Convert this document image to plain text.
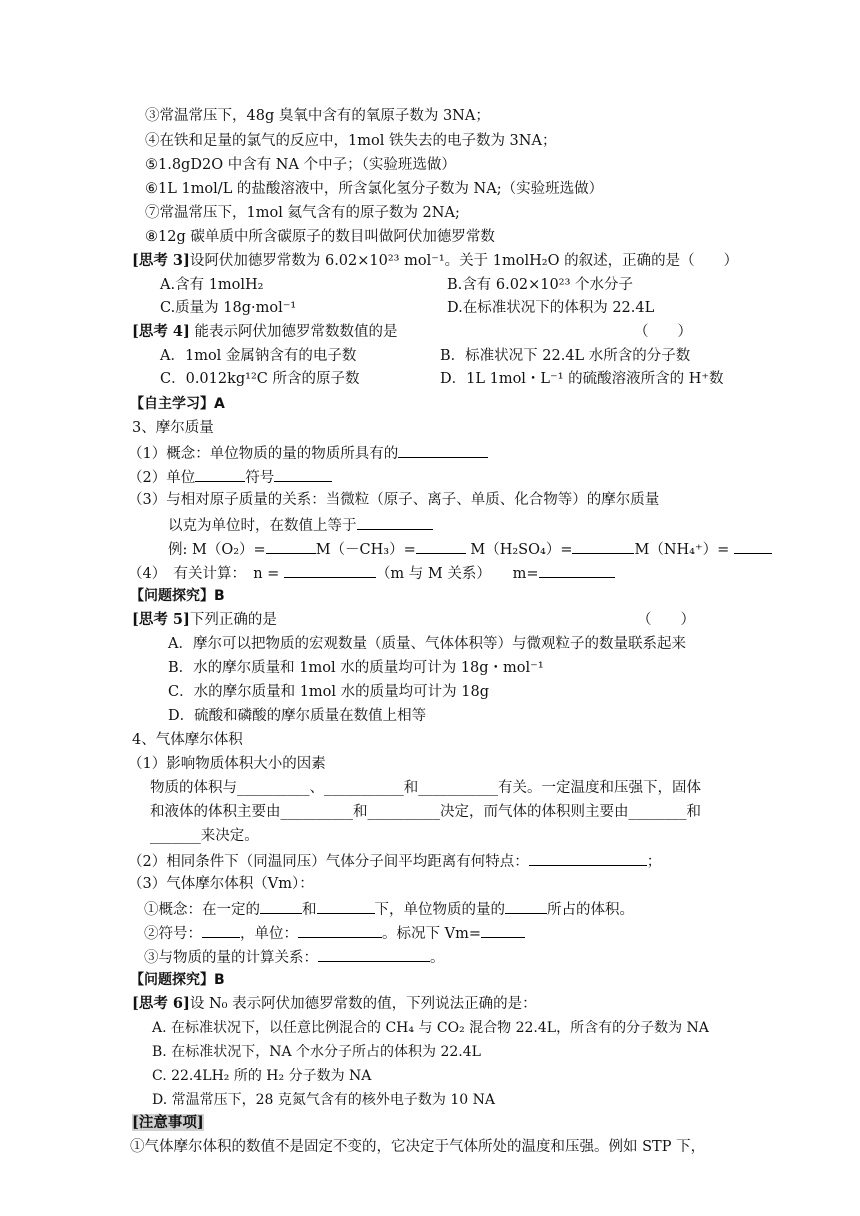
③常温常压下，48g 臭氧中含有的氧原子数为 3NA；
④在铁和足量的氯气的反应中，1mol 铁失去的电子数为 3NA；
⑤1.8gD2O 中含有 NA 个中子；（实验班选做）
⑥1L 1mol/L 的盐酸溶液中，所含氯化氢分子数为 NA;（实验班选做）
⑦常温常压下，1mol 氦气含有的原子数为 2NA;
⑧12g 碳单质中所含碳原子的数目叫做阿伏加德罗常数
[思考 3]设阿伏加德罗常数为 6.02×10²³ mol⁻¹。关于 1molH₂O 的叙述，正确的是（　　）
A.含有 1molH₂	B.含有 6.02×10²³ 个水分子
C.质量为 18g·mol⁻¹	D.在标准状况下的体积为 22.4L
[思考 4] 能表示阿伏加德罗常数数值的是	（　　）
A．1mol 金属钠含有的电子数	B．标准状况下 22.4L 水所含的分子数
C．0.012kg¹²C 所含的原子数	D．1L 1mol・L⁻¹ 的硫酸溶液所含的 H⁺数
【自主学习】A
3、摩尔质量
（1）概念：单位物质的量的物质所具有的
（2）单位	符号
（3）与相对原子质量的关系：当微粒（原子、离子、单质、化合物等）的摩尔质量
以克为单位时，在数值上等于
例: M（O₂）=	M（－CH₃）=	M（H₂SO₄）=	M（NH₄⁺）=
（4）　有关计算：　n =	（m 与 M 关系）　　m=
【问题探究】B
[思考 5]下列正确的是	（　　）
A．摩尔可以把物质的宏观数量（质量、气体体积等）与微观粒子的数量联系起来
B．水的摩尔质量和 1mol 水的质量均可计为 18g・mol⁻¹
C．水的摩尔质量和 1mol 水的质量均可计为 18g
D．硫酸和磷酸的摩尔质量在数值上相等
4、气体摩尔体积
（1）影响物质体积大小的因素
物质的体积与__________、___________和___________有关。一定温度和压强下，固体
和液体的体积主要由__________和__________决定，而气体的体积则主要由________和
_______来决定。
（2）相同条件下（同温同压）气体分子间平均距离有何特点：	；
（3）气体摩尔体积（Vm）：
①概念：在一定的	和	下，单位物质的量的	所占的体积。
②符号：	，单位：	。标况下 Vm=
③与物质的量的计算关系：	。
【问题探究】B
[思考 6]设 N₀ 表示阿伏加德罗常数的值，下列说法正确的是：
A. 在标准状况下，以任意比例混合的 CH₄ 与 CO₂ 混合物 22.4L，所含有的分子数为 NA
B. 在标准状况下，NA 个水分子所占的体积为 22.4L
C. 22.4LH₂ 所的 H₂ 分子数为 NA
D. 常温常压下，28 克氮气含有的核外电子数为 10 NA
[注意事项]
①气体摩尔体积的数值不是固定不变的，它决定于气体所处的温度和压强。例如 STP 下，
